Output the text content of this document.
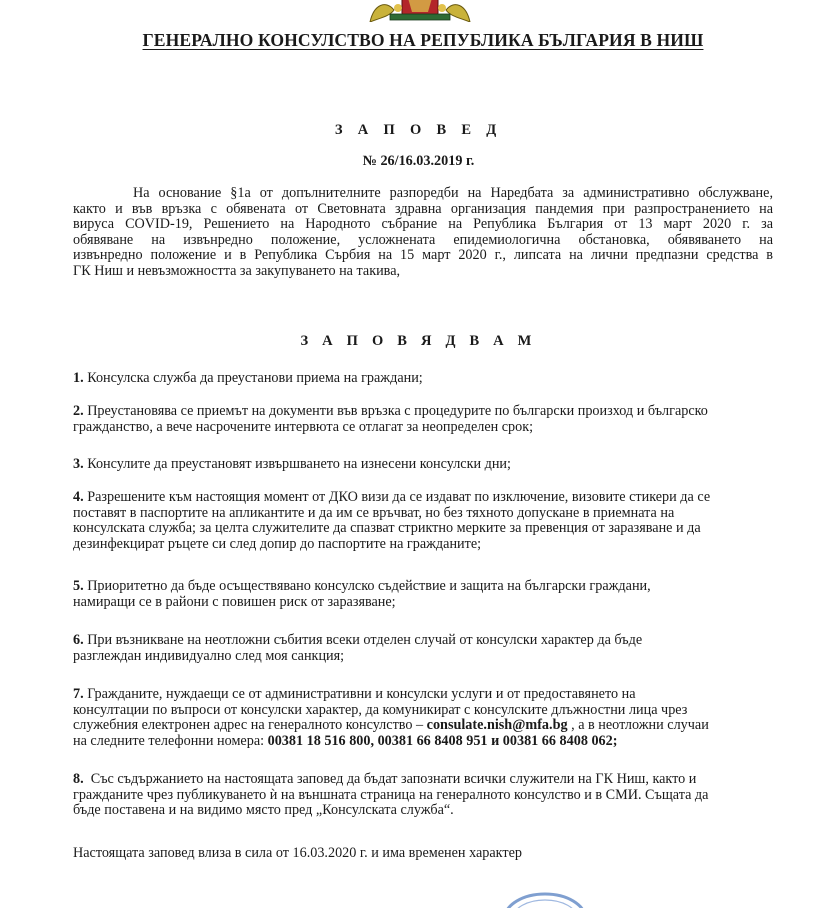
ГЕНЕРАЛНО КОНСУЛСТВО НА РЕПУБЛИКА БЪЛГАРИЯ В НИШ
З А П О В Е Д
№ 26/16.03.2019 г.
На основание §1а от допълнителните разпоредби на Наредбата за административно обслужване,
както и във връзка с обявената от Световната здравна организация пандемия при разпространението на
вируса COVID-19, Решението на Народното събрание на Република България от 13 март 2020 г. за
обявяване на извънредно положение, усложнената епидемиологична обстановка, обявяването на
извънредно положение и в Република Сърбия на 15 март 2020 г., липсата на лични предпазни средства в
ГК Ниш и невъзможността за закупуването на такива,
З А П О В Я Д В А М
1. Консулска служба да преустанови приема на граждани;
2. Преустановява се приемът на документи във връзка с процедурите по български произход и българско
гражданство, а вече насрочените интервюта се отлагат за неопределен срок;
3. Консулите да преустановят извършването на изнесени консулски дни;
4. Разрешените към настоящия момент от ДКО визи да се издават по изключение, визовите стикери да се
поставят в паспортите на апликантите и да им се връчват, но без тяхното допускане в приемната на
консулската служба; за целта служителите да спазват стриктно мерките за превенция от заразяване и да
дезинфекцират ръцете си след допир до паспортите на гражданите;
5. Приоритетно да бъде осъществявано консулско съдействие и защита на български граждани,
намиращи се в райони с повишен риск от заразяване;
6. При възникване на неотложни събития всеки отделен случай от консулски характер да бъде
разглеждан индивидуално след моя санкция;
7. Гражданите, нуждаещи се от административни и консулски услуги и от предоставянето на
консултации по въпроси от консулски характер, да комуникират с консулските длъжностни лица чрез
служебния електронен адрес на генералното консулство – consulate.nish@mfa.bg , а в неотложни случаи
на следните телефонни номера: 00381 18 516 800, 00381 66 8408 951 и 00381 66 8408 062;
8. Със съдържанието на настоящата заповед да бъдат запознати всички служители на ГК Ниш, както и
гражданите чрез публикуването ѝ на външната страница на генералното консулство и в СМИ. Същата да
бъде поставена и на видимо място пред „Консулската служба“.
Настоящата заповед влиза в сила от 16.03.2020 г. и има временен характер
